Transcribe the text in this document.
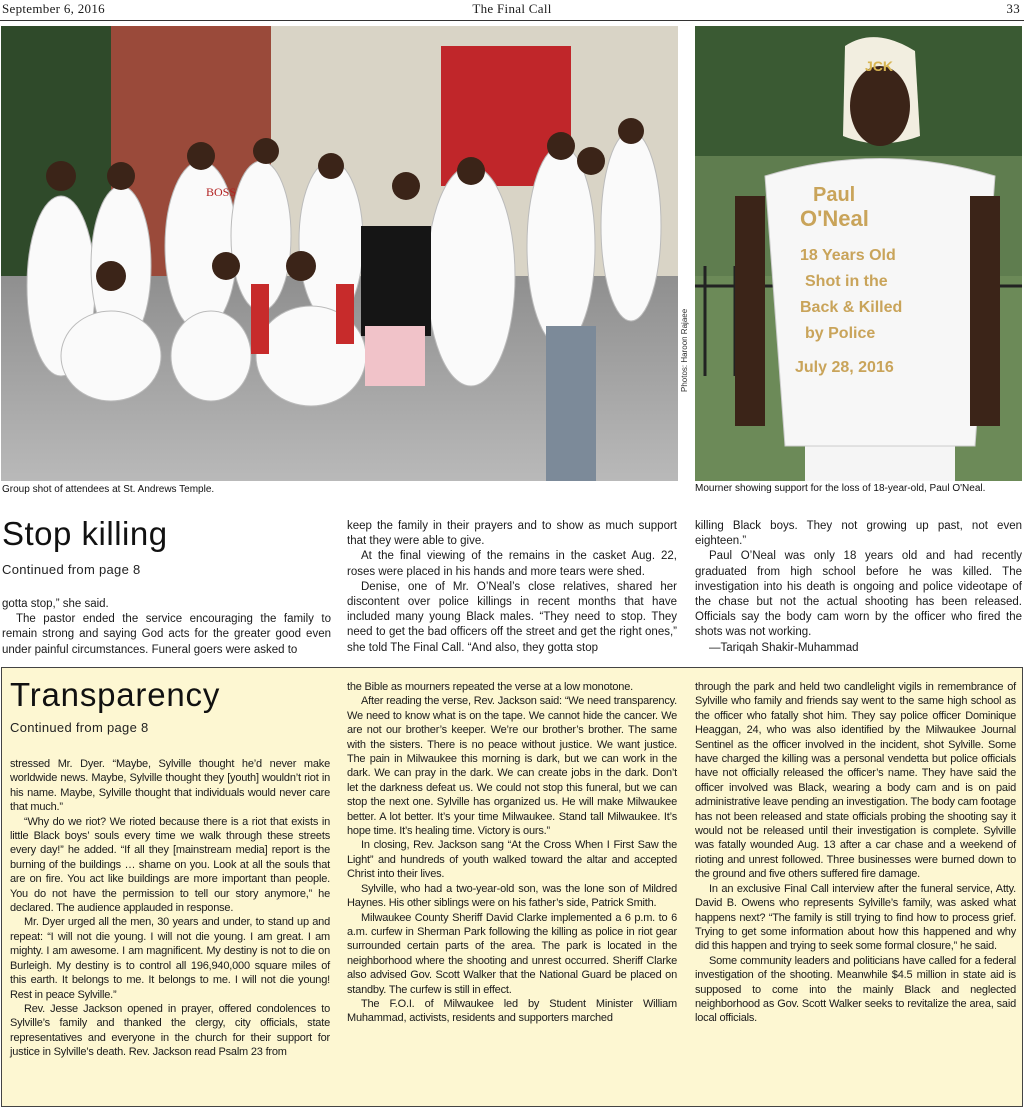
September 6, 2016	The Final Call	33
BOSS
Photos: Haroon Rajaee
Paul
O'Neal
18 Years Old
Shot in the
Back & Killed
by Police
July 28, 2016
JCK
Group shot of attendees at St. Andrews Temple.	Mourner showing support for the loss of 18-year-old, Paul O'Neal.
Stop killing
Continued from page 8

gotta stop,” she said.

The pastor ended the service encouraging the family to remain strong and saying God acts for the greater good even under painful circumstances. Funeral goers were asked to

keep the family in their prayers and to show as much support that they were able to give.

At the final viewing of the remains in the casket Aug. 22, roses were placed in his hands and more tears were shed.

Denise, one of Mr. O’Neal’s close relatives, shared her discontent over police killings in recent months that have included many young Black males. “They need to stop. They need to get the bad officers off the street and get the right ones,” she told The Final Call. “And also, they gotta stop

killing Black boys. They not growing up past, not even eighteen.”

Paul O’Neal was only 18 years old and had recently graduated from high school before he was killed. The investigation into his death is ongoing and police videotape of the chase but not the actual shooting has been released. Officials say the body cam worn by the officer who fired the shots was not working.

—Tariqah Shakir-Muhammad

Transparency
Continued from page 8

stressed Mr. Dyer. “Maybe, Sylville thought he’d never make worldwide news. Maybe, Sylville thought they [youth] wouldn’t riot in his name. Maybe, Sylville thought that individuals would never care that much.”

“Why do we riot? We rioted because there is a riot that exists in little Black boys’ souls every time we walk through these streets every day!” he added. “If all they [mainstream media] report is the burning of the buildings … shame on you. Look at all the souls that are on fire. You act like buildings are more important than people. You do not have the permission to tell our story anymore,” he declared. The audience applauded in response.

Mr. Dyer urged all the men, 30 years and under, to stand up and repeat: “I will not die young. I will not die young. I am great. I am mighty. I am awesome. I am magnificent. My destiny is not to die on Burleigh. My destiny is to control all 196,940,000 square miles of this earth. It belongs to me. It belongs to me. I will not die young! Rest in peace Sylville.”

Rev. Jesse Jackson opened in prayer, offered condolences to Sylville’s family and thanked the clergy, city officials, state representatives and everyone in the church for their support for justice in Sylville’s death. Rev. Jackson read Psalm 23 from

the Bible as mourners repeated the verse at a low monotone.

After reading the verse, Rev. Jackson said: “We need transparency. We need to know what is on the tape. We cannot hide the cancer. We are not our brother’s keeper. We’re our brother’s brother. The same with the sisters. There is no peace without justice. We want justice. The pain in Milwaukee this morning is dark, but we can work in the dark. We can pray in the dark. We can create jobs in the dark. Don’t let the darkness defeat us. We could not stop this funeral, but we can stop the next one. Sylville has organized us. He will make Milwaukee better. A lot better. It’s your time Milwaukee. Stand tall Milwaukee. It’s hope time. It’s healing time. Victory is ours.”

In closing, Rev. Jackson sang “At the Cross When I First Saw the Light” and hundreds of youth walked toward the altar and accepted Christ into their lives.

Sylville, who had a two-year-old son, was the lone son of Mildred Haynes. His other siblings were on his father’s side, Patrick Smith.

Milwaukee County Sheriff David Clarke implemented a 6 p.m. to 6 a.m. curfew in Sherman Park following the killing as police in riot gear surrounded certain parts of the area. The park is located in the neighborhood where the shooting and unrest occurred. Sheriff Clarke also advised Gov. Scott Walker that the National Guard be placed on standby. The curfew is still in effect.

The F.O.I. of Milwaukee led by Student Minister William Muhammad, activists, residents and supporters marched

through the park and held two candlelight vigils in remembrance of Sylville who family and friends say went to the same high school as the officer who fatally shot him. They say police officer Dominique Heaggan, 24, who was also identified by the Milwaukee Journal Sentinel as the officer involved in the incident, shot Sylville. Some have charged the killing was a personal vendetta but police officials have not officially released the officer’s name. They have said the officer involved was Black, wearing a body cam and is on paid administrative leave pending an investigation. The body cam footage has not been released and state officials probing the shooting say it would not be released until their investigation is complete. Sylville was fatally wounded Aug. 13 after a car chase and a weekend of rioting and unrest followed. Three businesses were burned down to the ground and five others suffered fire damage.

In an exclusive Final Call interview after the funeral service, Atty. David B. Owens who represents Sylville’s family, was asked what happens next? “The family is still trying to find how to process grief. Trying to get some information about how this happened and why did this happen and trying to seek some formal closure,” he said.

Some community leaders and politicians have called for a federal investigation of the shooting. Meanwhile $4.5 million in state aid is supposed to come into the mainly Black and neglected neighborhood as Gov. Scott Walker seeks to revitalize the area, said local officials.
